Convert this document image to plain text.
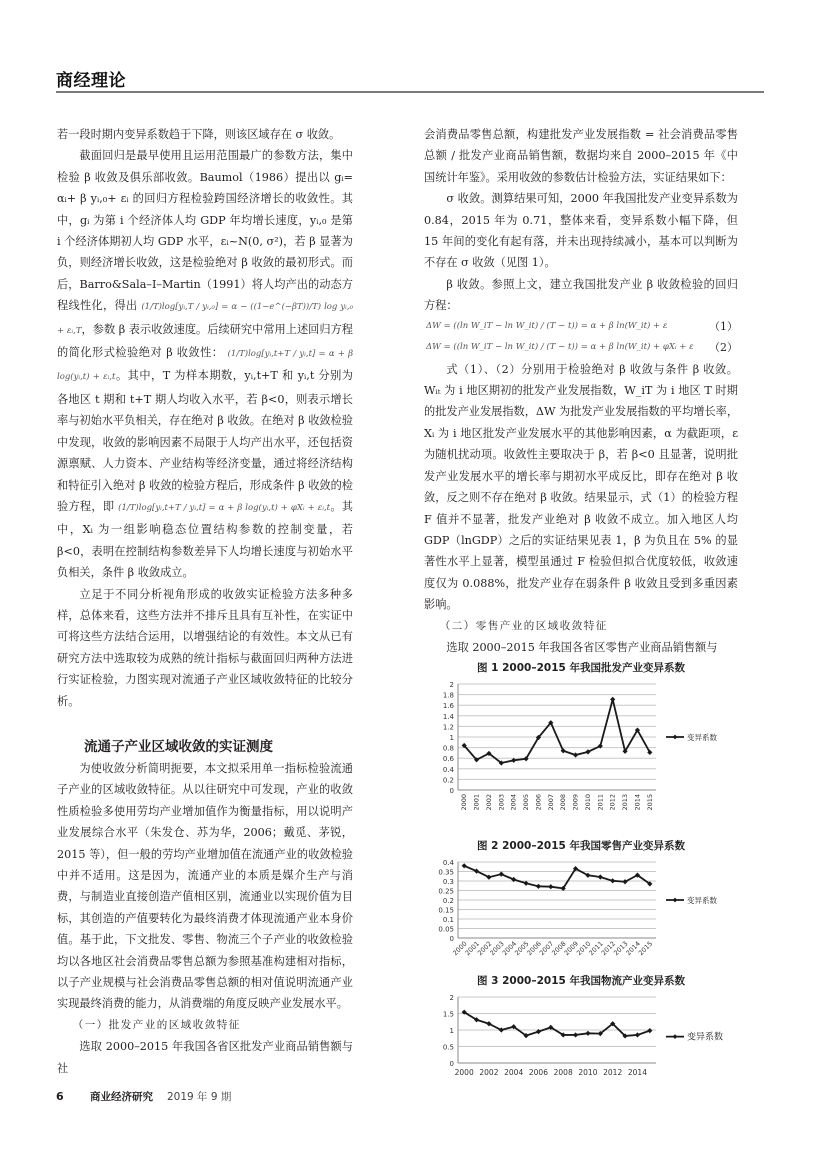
商经理论

若一段时期内变异系数趋于下降，则该区域存在 σ 收敛。

截面回归是最早使用且运用范围最广的参数方法，集中检验 β 收敛及俱乐部收敛。Baumol（1986）提出以 gᵢ= αᵢ+ β yᵢ,₀+ εᵢ 的回归方程检验跨国经济增长的收敛性。其中，gᵢ 为第 i 个经济体人均 GDP 年均增长速度，yᵢ,₀ 是第 i 个经济体期初人均 GDP 水平，εᵢ~N(0, σ²)，若 β 显著为负，则经济增长收敛，这是检验绝对 β 收敛的最初形式。而后，Barro&Sala–I–Martin（1991）将人均产出的动态方程线性化，得出 (1/T)log[yᵢ,T / yᵢ,₀] = α − ((1−e^(−βT))/T) log yᵢ,₀ + εᵢ,T，参数 β 表示收敛速度。后续研究中常用上述回归方程的简化形式检验绝对 β 收敛性： (1/T)log[yᵢ,t+T / yᵢ,t] = α + β log(yᵢ,t) + εᵢ,t。其中，T 为样本期数，yᵢ,t+T 和 yᵢ,t 分别为各地区 t 期和 t+T 期人均收入水平，若 β<0，则表示增长率与初始水平负相关，存在绝对 β 收敛。在绝对 β 收敛检验中发现，收敛的影响因素不局限于人均产出水平，还包括资源禀赋、人力资本、产业结构等经济变量，通过将经济结构和特征引入绝对 β 收敛的检验方程后，形成条件 β 收敛的检验方程，即 (1/T)log[yᵢ,t+T / yᵢ,t] = α + β log(yᵢ,t) + φXᵢ + εᵢ,t。其中，Xᵢ 为一组影响稳态位置结构参数的控制变量，若 β<0，表明在控制结构参数差异下人均增长速度与初始水平负相关，条件 β 收敛成立。

立足于不同分析视角形成的收敛实证检验方法多种多样，总体来看，这些方法并不排斥且具有互补性，在实证中可将这些方法结合运用，以增强结论的有效性。本文从已有研究方法中选取较为成熟的统计指标与截面回归两种方法进行实证检验，力图实现对流通子产业区域收敛特征的比较分析。

流通子产业区域收敛的实证测度

为使收敛分析简明扼要，本文拟采用单一指标检验流通子产业的区域收敛特征。从以往研究中可发现，产业的收敛性质检验多使用劳均产业增加值作为衡量指标，用以说明产业发展综合水平（朱发仓、苏为华，2006；戴觅、茅锐，2015 等），但一般的劳均产业增加值在流通产业的收敛检验中并不适用。这是因为，流通产业的本质是媒介生产与消费，与制造业直接创造产值相区别，流通业以实现价值为目标，其创造的产值要转化为最终消费才体现流通产业本身价值。基于此，下文批发、零售、物流三个子产业的收敛检验均以各地区社会消费品零售总额为参照基准构建相对指标，以子产业规模与社会消费品零售总额的相对值说明流通产业实现最终消费的能力，从消费端的角度反映产业发展水平。

（一）批发产业的区域收敛特征

选取 2000–2015 年我国各省区批发产业商品销售额与社

会消费品零售总额，构建批发产业发展指数 = 社会消费品零售总额 / 批发产业商品销售额，数据均来自 2000–2015 年《中国统计年鉴》。采用收敛的参数估计检验方法，实证结果如下：

σ 收敛。测算结果可知，2000 年我国批发产业变异系数为 0.84，2015 年为 0.71，整体来看，变异系数小幅下降，但 15 年间的变化有起有落，并未出现持续减小，基本可以判断为不存在 σ 收敛（见图 1）。

β 收敛。参照上文，建立我国批发产业 β 收敛检验的回归方程：

ΔW = ((ln W_iT − ln W_it) / (T − t)) = α + β ln(W_it) + ε	（1）
ΔW = ((ln W_iT − ln W_it) / (T − t)) = α + β ln(W_it) + φXᵢ + ε （2）

式（1）、（2）分别用于检验绝对 β 收敛与条件 β 收敛。Wᵢₜ 为 i 地区期初的批发产业发展指数，W_iT 为 i 地区 T 时期的批发产业发展指数，ΔW 为批发产业发展指数的平均增长率，Xᵢ 为 i 地区批发产业发展水平的其他影响因素，α 为截距项，ε 为随机扰动项。收敛性主要取决于 β，若 β<0 且显著，说明批发产业发展水平的增长率与期初水平成反比，即存在绝对 β 收敛，反之则不存在绝对 β 收敛。结果显示，式（1）的检验方程 F 值并不显著，批发产业绝对 β 收敛不成立。加入地区人均 GDP（lnGDP）之后的实证结果见表 1，β 为负且在 5% 的显著性水平上显著，模型虽通过 F 检验但拟合优度较低，收敛速度仅为 0.088%，批发产业存在弱条件 β 收敛且受到多重因素影响。

（二）零售产业的区域收敛特征

选取 2000–2015 年我国各省区零售产业商品销售额与

图 1 2000–2015 年我国批发产业变异系数
0
0.2
0.4
0.6
0.8
1
1.2
1.4
1.6
1.8
2
2000 2001 2002 2003 2004 2005 2006 2007 2008 2009 2010 2011 2012 2013 2014 2015
变异系数
图 2 2000–2015 年我国零售产业变异系数
0
0.05
0.1
0.15
0.2
0.25
0.3
0.35
0.4
2000
2001
2002
2003
2004
2005
2006
2007
2008
2009
2010
2011
2012
2013
2014
2015
变异系数
图 3 2000–2015 年我国物流产业变异系数
0
0.5
1
1.5
2
2000 2002 2004 2006 2008 2010 2012 2014
变异系数
6	商业经济研究 2019 年 9 期
